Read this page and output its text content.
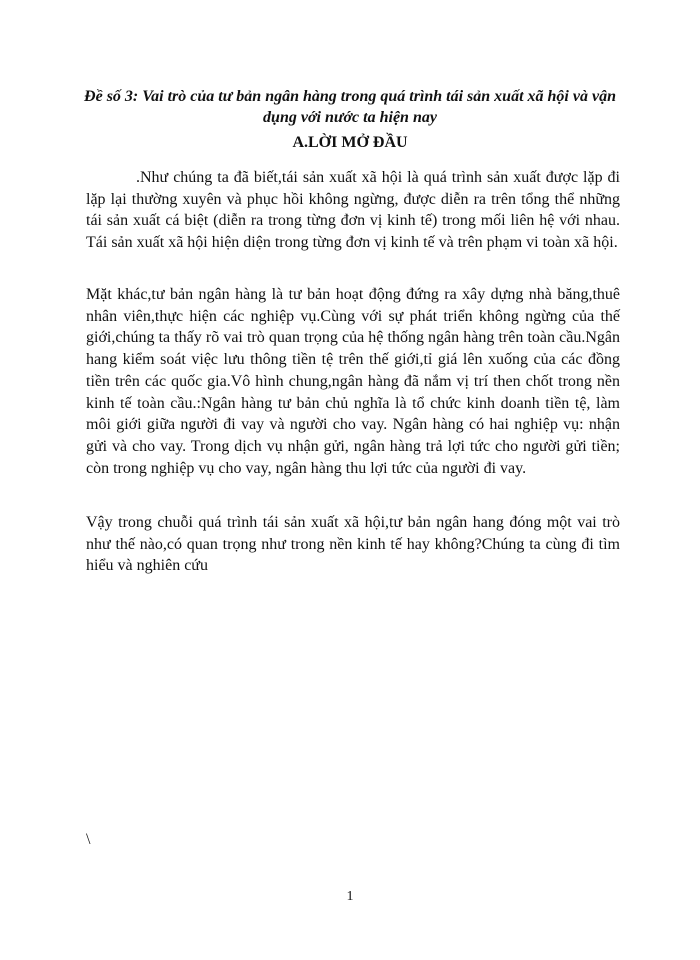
Đề số 3: Vai trò của tư bản ngân hàng trong quá trình tái sản xuất xã hội và vận dụng với nước ta hiện nay

A.LỜI MỞ ĐẦU

.Như chúng ta đã biết,tái sản xuất xã hội là quá trình sản xuất được lặp đi lặp lại thường xuyên và phục hồi không ngừng, được diễn ra trên tổng thể những tái sản xuất cá biệt (diễn ra trong từng đơn vị kinh tế) trong mối liên hệ với nhau. Tái sản xuất xã hội hiện diện trong từng đơn vị kinh tế và trên phạm vi toàn xã hội.

Mặt khác,tư bản ngân hàng là tư bản hoạt động đứng ra xây dựng nhà băng,thuê nhân viên,thực hiện các nghiệp vụ.Cùng với sự phát triển không ngừng của thế giới,chúng ta thấy rõ vai trò quan trọng của hệ thống ngân hàng trên toàn cầu.Ngân hang kiểm soát việc lưu thông tiền tệ trên thế giới,tỉ giá lên xuống của các đồng tiền trên các quốc gia.Vô hình chung,ngân hàng đã nắm vị trí then chốt trong nền kinh tế toàn cầu.:Ngân hàng tư bản chủ nghĩa là tổ chức kinh doanh tiền tệ, làm môi giới giữa người đi vay và người cho vay. Ngân hàng có hai nghiệp vụ: nhận gửi và cho vay. Trong dịch vụ nhận gửi, ngân hàng trả lợi tức cho người gửi tiền; còn trong nghiệp vụ cho vay, ngân hàng thu lợi tức của người đi vay.

Vậy trong chuỗi quá trình tái sản xuất xã hội,tư bản ngân hang đóng một vai trò như thế nào,có quan trọng như trong nền kinh tế hay không?Chúng ta cùng đi tìm hiểu và nghiên cứu

\

1
